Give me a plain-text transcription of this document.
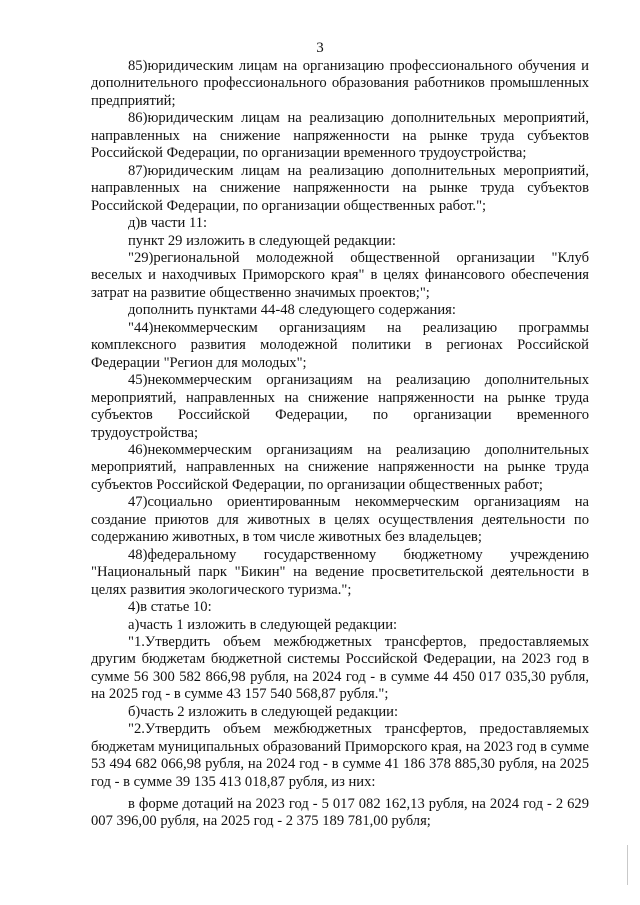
3

85)юридическим лицам на организацию профессионального обучения и дополнительного профессионального образования работников промышленных предприятий;

86)юридическим лицам на реализацию дополнительных мероприятий, направленных на снижение напряженности на рынке труда субъектов Российской Федерации, по организации временного трудоустройства;

87)юридическим лицам на реализацию дополнительных мероприятий, направленных на снижение напряженности на рынке труда субъектов Российской Федерации, по организации общественных работ.";

д)в части 11:

пункт 29 изложить в следующей редакции:

"29)региональной молодежной общественной организации "Клуб веселых и находчивых Приморского края" в целях финансового обеспечения затрат на развитие общественно значимых проектов;";

дополнить пунктами 44-48 следующего содержания:

"44)некоммерческим организациям на реализацию программы комплексного развития молодежной политики в регионах Российской Федерации "Регион для молодых";

45)некоммерческим организациям на реализацию дополнительных мероприятий, направленных на снижение напряженности на рынке труда субъектов Российской Федерации, по организации временного трудоустройства;

46)некоммерческим организациям на реализацию дополнительных мероприятий, направленных на снижение напряженности на рынке труда субъектов Российской Федерации, по организации общественных работ;

47)социально ориентированным некоммерческим организациям на создание приютов для животных в целях осуществления деятельности по содержанию животных, в том числе животных без владельцев;

48)федеральному государственному бюджетному учреждению "Национальный парк "Бикин" на ведение просветительской деятельности в целях развития экологического туризма.";

4)в статье 10:

а)часть 1 изложить в следующей редакции:

"1.Утвердить объем межбюджетных трансфертов, предоставляемых другим бюджетам бюджетной системы Российской Федерации, на 2023 год в сумме 56 300 582 866,98 рубля, на 2024 год - в сумме 44 450 017 035,30 рубля, на 2025 год - в сумме 43 157 540 568,87 рубля.";

б)часть 2 изложить в следующей редакции:

"2.Утвердить объем межбюджетных трансфертов, предоставляемых бюджетам муниципальных образований Приморского края, на 2023 год в сумме 53 494 682 066,98 рубля, на 2024 год - в сумме 41 186 378 885,30 рубля, на 2025 год - в сумме 39 135 413 018,87 рубля, из них:

в форме дотаций на 2023 год - 5 017 082 162,13 рубля, на 2024 год - 2 629 007 396,00 рубля, на 2025 год - 2 375 189 781,00 рубля;
